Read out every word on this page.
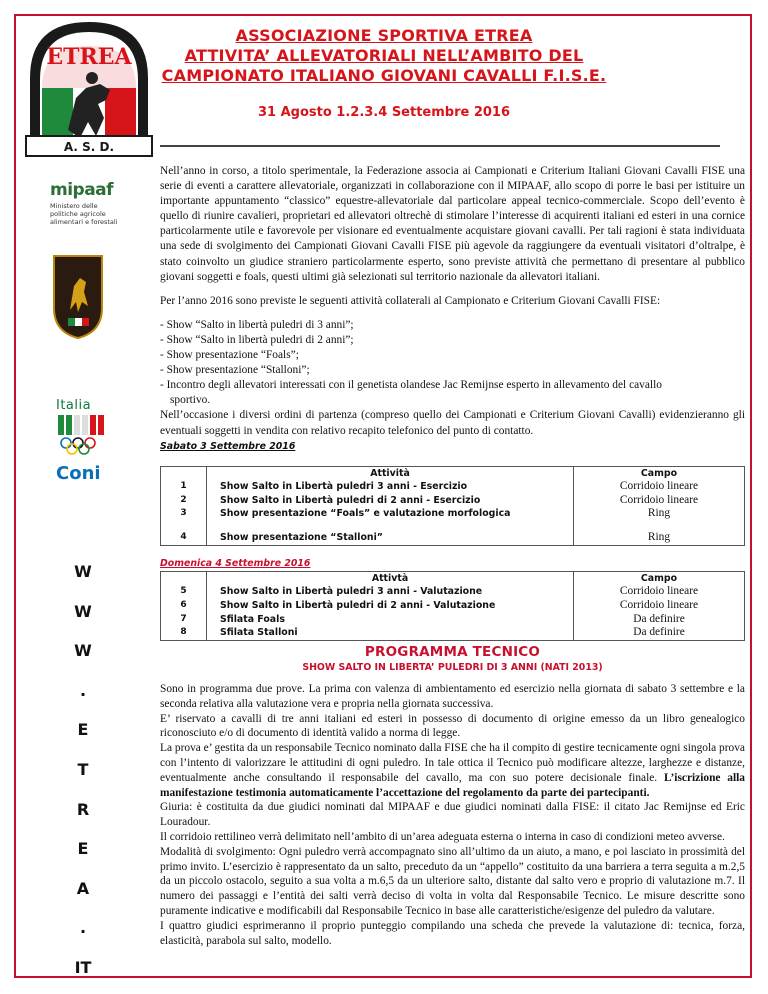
ETREA
A. S. D.
ASSOCIAZIONE SPORTIVA ETREA
ATTIVITA’ ALLEVATORIALI NELL’AMBITO DEL
CAMPIONATO ITALIANO GIOVANI CAVALLI F.I.S.E.
31 Agosto 1.2.3.4 Settembre 2016
mipaaf
Ministero delle
politiche agricole
alimentari e forestali
Italia
Coni
W
W
W
.
E
T
R
E
A
.
IT

Nell’anno in corso, a titolo sperimentale, la Federazione associa ai Campionati e Criterium Italiani Giovani Cavalli FISE una serie di eventi a carattere allevatoriale, organizzati in collaborazione con il MIPAAF, allo scopo di porre le basi per istituire un importante appuntamento “classico” equestre-allevatoriale dal particolare appeal tecnico-commerciale. Scopo dell’evento è quello di riunire cavalieri, proprietari ed allevatori oltrechè di stimolare l’interesse di acquirenti italiani ed esteri in una cornice particolarmente utile e favorevole per visionare ed eventualmente acquistare giovani cavalli. Per tali ragioni è stata individuata una sede di svolgimento dei Campionati Giovani Cavalli FISE più agevole da raggiungere da eventuali visitatori d’oltralpe, è stato coinvolto un giudice straniero particolarmente esperto, sono previste attività che permettano di presentare al pubblico giovani soggetti e foals, questi ultimi già selezionati sul territorio nazionale da allevatori italiani.

Per l’anno 2016 sono previste le seguenti attività collaterali al Campionato e Criterium Giovani Cavalli FISE:

- Show “Salto in libertà puledri di 3 anni”;
- Show “Salto in libertà puledri di 2 anni”;
- Show presentazione “Foals”;
- Show presentazione “Stalloni”;
- Incontro degli allevatori interessati con il genetista olandese Jac Remijnse esperto in allevamento del cavallo
sportivo.

Nell’occasione i diversi ordini di partenza (compreso quello dei Campionati e Criterium Giovani Cavalli) evidenzieranno gli eventuali soggetti in vendita con relativo recapito telefonico del punto di contatto.

Sabato 3 Settembre 2016
	Attività	Campo
1	Show Salto in Libertà puledri 3 anni - Esercizio	Corridoio lineare
2	Show Salto in Libertà puledri di 2 anni - Esercizio	Corridoio lineare
3	Show presentazione “Foals” e valutazione morfologica	Ring

4	Show presentazione “Stalloni”	Ring
Domenica 4 Settembre 2016
	Attivtà	Campo
5	Show Salto in Libertà puledri 3 anni - Valutazione	Corridoio lineare
6	Show Salto in Libertà puledri di 2 anni - Valutazione	Corridoio lineare
7	Sfilata Foals	Da definire
8	Sfilata Stalloni	Da definire
PROGRAMMA TECNICO
SHOW SALTO IN LIBERTA’ PULEDRI DI 3 ANNI (NATI 2013)

Sono in programma due prove. La prima con valenza di ambientamento ed esercizio nella giornata di sabato 3 settembre e la seconda relativa alla valutazione vera e propria nella giornata successiva.

E’ riservato a cavalli di tre anni italiani ed esteri in possesso di documento di origine emesso da un libro genealogico riconosciuto e/o di documento di identità valido a norma di legge.

La prova e’ gestita da un responsabile Tecnico nominato dalla FISE che ha il compito di gestire tecnicamente ogni singola prova con l’intento di valorizzare le attitudini di ogni puledro. In tale ottica il Tecnico può modificare altezze, larghezze e distanze, eventualmente anche consultando il responsabile del cavallo, ma con suo potere decisionale finale. L’iscrizione alla manifestazione testimonia automaticamente l’accettazione del regolamento da parte dei partecipanti.

Giuria: è costituita da due giudici nominati dal MIPAAF e due giudici nominati dalla FISE: il citato Jac Remijnse ed Eric Louradour.

Il corridoio rettilineo verrà delimitato nell’ambito di un’area adeguata esterna o interna in caso di condizioni meteo avverse.

Modalità di svolgimento: Ogni puledro verrà accompagnato sino all’ultimo da un aiuto, a mano, e poi lasciato in prossimità del primo invito. L’esercizio è rappresentato da un salto, preceduto da un “appello” costituito da una barriera a terra seguita a m.2,5 da un piccolo ostacolo, seguito a sua volta a m.6,5 da un ulteriore salto, distante dal salto vero e proprio di valutazione m.7. Il numero dei passaggi e l’entità dei salti verrà deciso di volta in volta dal Responsabile Tecnico. Le misure descritte sono puramente indicative e modificabili dal Responsabile Tecnico in base alle caratteristiche/esigenze del puledro da valutare.

I quattro giudici esprimeranno il proprio punteggio compilando una scheda che prevede la valutazione di: tecnica, forza, elasticità, parabola sul salto, modello.
